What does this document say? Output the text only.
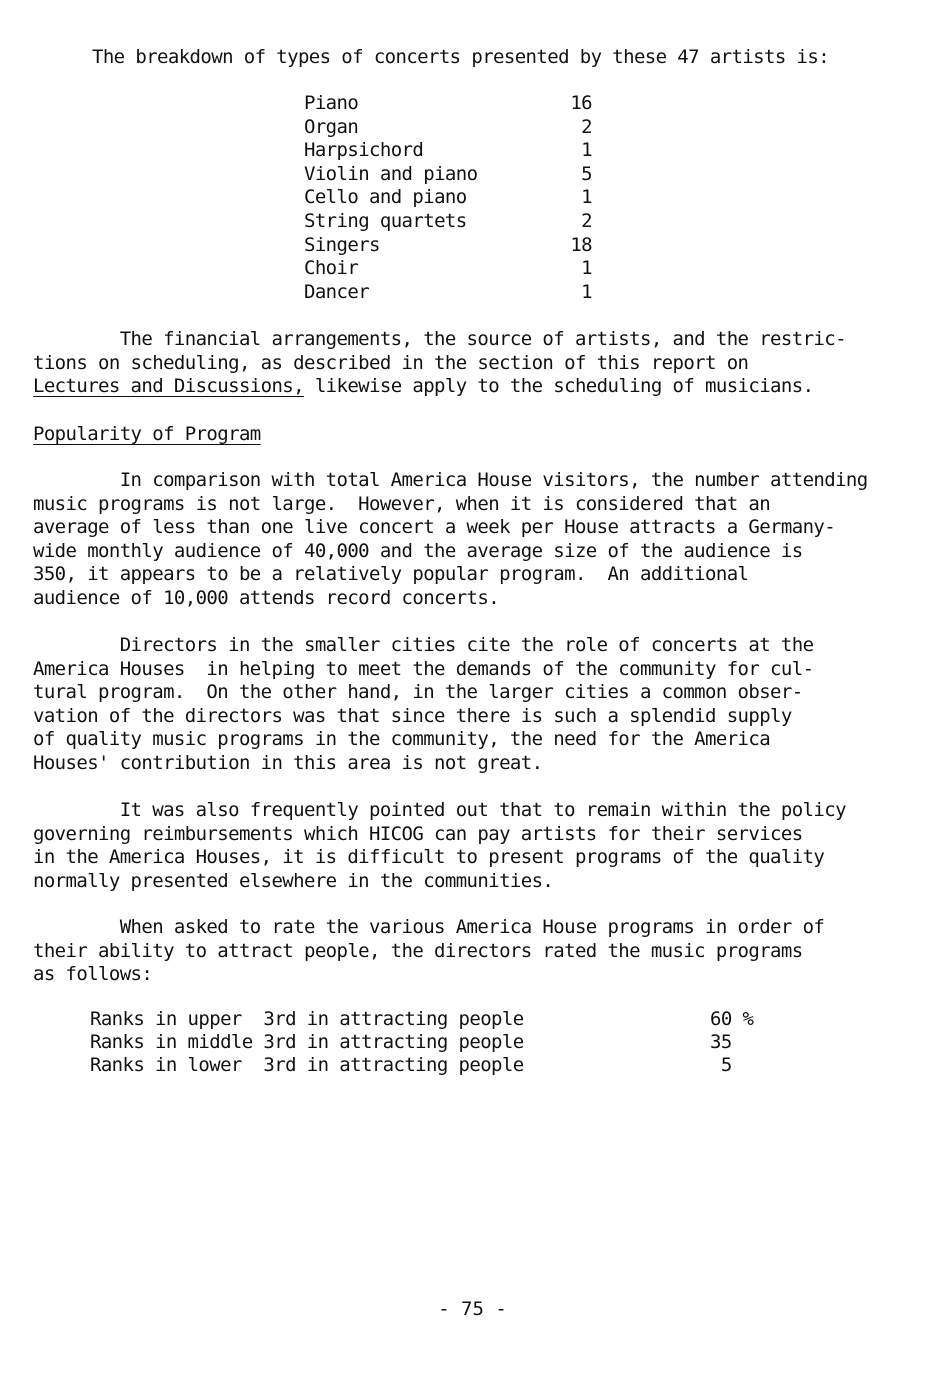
The breakdown of types of concerts presented by these 47 artists is:
Piano	16
Organ	2
Harpsichord	1
Violin and piano	5
Cello and piano	1
String quartets	2
Singers	18
Choir	1
Dancer	1
The financial arrangements, the source of artists, and the restric-
tions on scheduling, as described in the section of this report on
Lectures and Discussions, likewise apply to the scheduling of musicians.
Popularity of Program
In comparison with total America House visitors, the number attending
music programs is not large.  However, when it is considered that an
average of less than one live concert a week per House attracts a Germany-
wide monthly audience of 40,000 and the average size of the audience is
350, it appears to be a relatively popular program.  An additional
audience of 10,000 attends record concerts.
Directors in the smaller cities cite the role of concerts at the
America Houses  in helping to meet the demands of the community for cul-
tural program.  On the other hand, in the larger cities a common obser-
vation of the directors was that since there is such a splendid supply
of quality music programs in the community, the need for the America
Houses' contribution in this area is not great.
It was also frequently pointed out that to remain within the policy
governing reimbursements which HICOG can pay artists for their services
in the America Houses, it is difficult to present programs of the quality
normally presented elsewhere in the communities.
When asked to rate the various America House programs in order of
their ability to attract people, the directors rated the music programs
as follows:
Ranks in upper  3rd in attracting people	60 %
Ranks in middle 3rd in attracting people	35
Ranks in lower  3rd in attracting people	5
- 75 -
